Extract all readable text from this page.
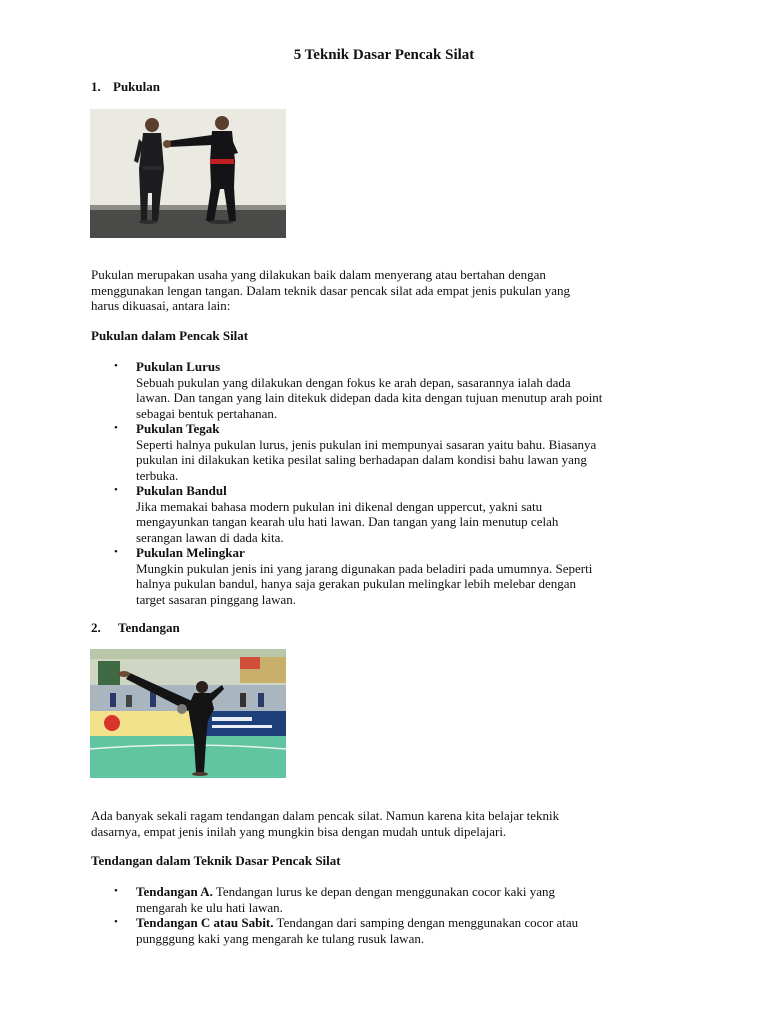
5 Teknik Dasar Pencak Silat
1. Pukulan
Pukulan merupakan usaha yang dilakukan baik dalam menyerang atau bertahan dengan
menggunakan lengan tangan. Dalam teknik dasar pencak silat ada empat jenis pukulan yang
harus dikuasai, antara lain:
Pukulan dalam Pencak Silat
• Pukulan Lurus
Sebuah pukulan yang dilakukan dengan fokus ke arah depan, sasarannya ialah dada
lawan. Dan tangan yang lain ditekuk didepan dada kita dengan tujuan menutup arah point
sebagai bentuk pertahanan.
• Pukulan Tegak
Seperti halnya pukulan lurus, jenis pukulan ini mempunyai sasaran yaitu bahu. Biasanya
pukulan ini dilakukan ketika pesilat saling berhadapan dalam kondisi bahu lawan yang
terbuka.
• Pukulan Bandul
Jika memakai bahasa modern pukulan ini dikenal dengan uppercut, yakni satu
mengayunkan tangan kearah ulu hati lawan. Dan tangan yang lain menutup celah
serangan lawan di dada kita.
• Pukulan Melingkar
Mungkin pukulan jenis ini yang jarang digunakan pada beladiri pada umumnya. Seperti
halnya pukulan bandul, hanya saja gerakan pukulan melingkar lebih melebar dengan
target sasaran pinggang lawan.
2. Tendangan
Ada banyak sekali ragam tendangan dalam pencak silat. Namun karena kita belajar teknik
dasarnya, empat jenis inilah yang mungkin bisa dengan mudah untuk dipelajari.
Tendangan dalam Teknik Dasar Pencak Silat
• Tendangan A. Tendangan lurus ke depan dengan menggunakan cocor kaki yang
mengarah ke ulu hati lawan.
• Tendangan C atau Sabit. Tendangan dari samping dengan menggunakan cocor atau
pungggung kaki yang mengarah ke tulang rusuk lawan.
